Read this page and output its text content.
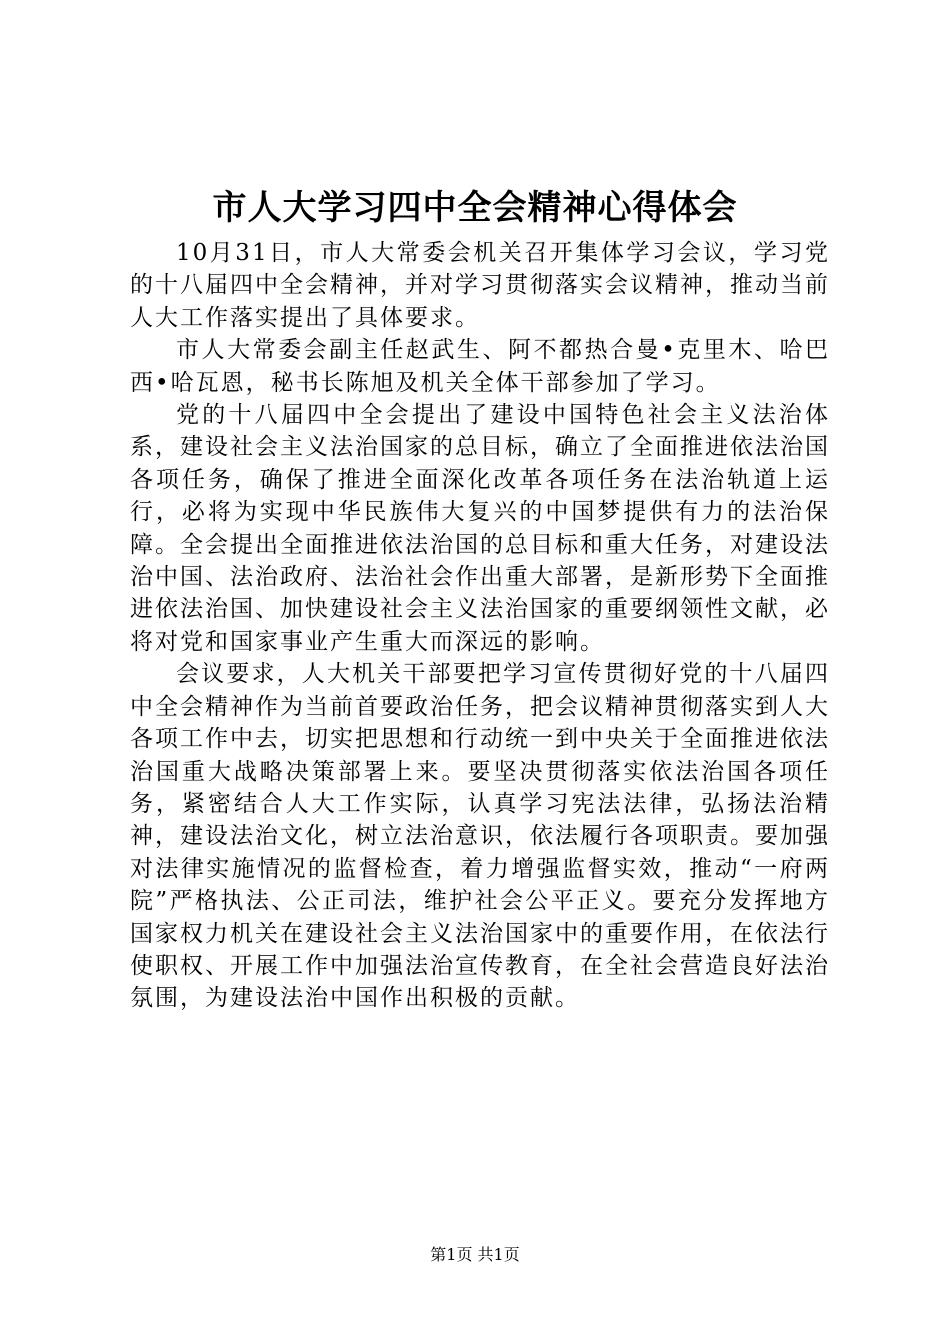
市人大学习四中全会精神心得体会

10月31日，市人大常委会机关召开集体学习会议，学习党的十八届四中全会精神，并对学习贯彻落实会议精神，推动当前人大工作落实提出了具体要求。

市人大常委会副主任赵武生、阿不都热合曼•克里木、哈巴西•哈瓦恩，秘书长陈旭及机关全体干部参加了学习。

党的十八届四中全会提出了建设中国特色社会主义法治体系，建设社会主义法治国家的总目标，确立了全面推进依法治国各项任务，确保了推进全面深化改革各项任务在法治轨道上运行，必将为实现中华民族伟大复兴的中国梦提供有力的法治保障。全会提出全面推进依法治国的总目标和重大任务，对建设法治中国、法治政府、法治社会作出重大部署，是新形势下全面推进依法治国、加快建设社会主义法治国家的重要纲领性文献，必将对党和国家事业产生重大而深远的影响。

会议要求，人大机关干部要把学习宣传贯彻好党的十八届四中全会精神作为当前首要政治任务，把会议精神贯彻落实到人大各项工作中去，切实把思想和行动统一到中央关于全面推进依法治国重大战略决策部署上来。要坚决贯彻落实依法治国各项任务，紧密结合人大工作实际，认真学习宪法法律，弘扬法治精神，建设法治文化，树立法治意识，依法履行各项职责。要加强对法律实施情况的监督检查，着力增强监督实效，推动“一府两院”严格执法、公正司法，维护社会公平正义。要充分发挥地方国家权力机关在建设社会主义法治国家中的重要作用，在依法行使职权、开展工作中加强法治宣传教育，在全社会营造良好法治氛围，为建设法治中国作出积极的贡献。

第1页 共1页
